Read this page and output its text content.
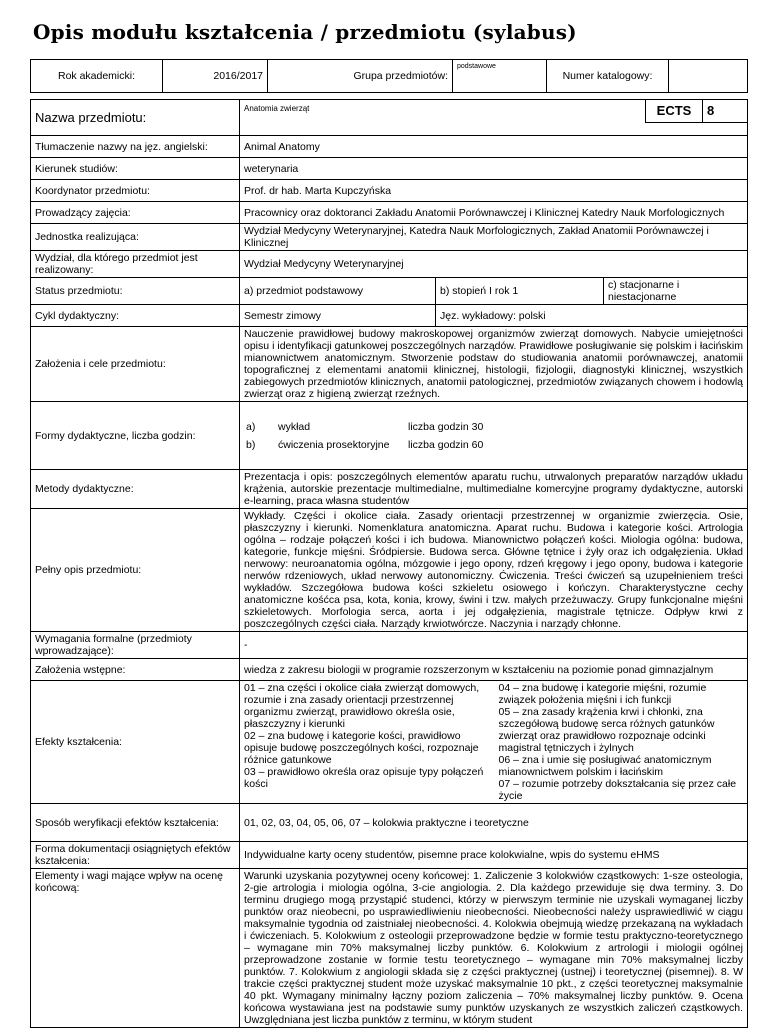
Opis modułu kształcenia / przedmiotu (sylabus)
Rok akademicki:	2016/2017	Grupa przedmiotów:	podstawowe	Numer katalogowy:	
Nazwa przedmiotu:	
Anatomia zwierząt	ECTS	8

Tłumaczenie nazwy na jęz. angielski:	Animal Anatomy
Kierunek studiów:	weterynaria
Koordynator przedmiotu:	Prof. dr hab. Marta Kupczyńska
Prowadzący zajęcia:	Pracownicy oraz doktoranci Zakładu Anatomii Porównawczej i Klinicznej Katedry Nauk Morfologicznych
Jednostka realizująca:	Wydział Medycyny Weterynaryjnej, Katedra Nauk Morfologicznych, Zakład Anatomii Porównawczej i Klinicznej
Wydział, dla którego przedmiot jest realizowany:	Wydział Medycyny Weterynaryjnej
Status przedmiotu:	a) przedmiot podstawowy	b) stopień I rok 1	c) stacjonarne i niestacjonarne
Cykl dydaktyczny:	Semestr zimowy	Jęz. wykładowy: polski
Założenia i cele przedmiotu:	Nauczenie prawidłowej budowy makroskopowej organizmów zwierząt domowych. Nabycie umiejętności opisu i identyfikacji gatunkowej poszczególnych narządów. Prawidłowe posługiwanie się polskim i łacińskim mianownictwem anatomicznym. Stworzenie podstaw do studiowania anatomii porównawczej, anatomii topograficznej z elementami anatomii klinicznej, histologii, fizjologii, diagnostyki klinicznej, wszystkich zabiegowych przedmiotów klinicznych, anatomii patologicznej, przedmiotów związanych chowem i hodowlą zwierząt oraz z higieną zwierząt rzeźnych.
Formy dydaktyczne, liczba godzin:	
a)	wykład	liczba godzin 30
b)	ćwiczenia prosektoryjne	liczba godzin 60

Metody dydaktyczne:	Prezentacja i opis: poszczególnych elementów aparatu ruchu, utrwalonych preparatów narządów układu krążenia, autorskie prezentacje multimedialne, multimedialne komercyjne programy dydaktyczne, autorski e-learning, praca własna studentów
Pełny opis przedmiotu:	Wykłady. Części i okolice ciała. Zasady orientacji przestrzennej w organizmie zwierzęcia. Osie, płaszczyzny i kierunki. Nomenklatura anatomiczna. Aparat ruchu. Budowa i kategorie kości. Artrologia ogólna – rodzaje połączeń kości i ich budowa. Mianownictwo połączeń kości. Miologia ogólna: budowa, kategorie, funkcje mięśni. Śródpiersie. Budowa serca. Główne tętnice i żyły oraz ich odgałęzienia. Układ nerwowy: neuroanatomia ogólna, mózgowie i jego opony, rdzeń kręgowy i jego opony, budowa i kategorie nerwów rdzeniowych, układ nerwowy autonomiczny. Ćwiczenia. Treści ćwiczeń są uzupełnieniem treści wykładów. Szczegółowa budowa kości szkieletu osiowego i kończyn. Charakterystyczne cechy anatomiczne kośćca psa, kota, konia, krowy, świni i tzw. małych przeżuwaczy. Grupy funkcjonalne mięśni szkieletowych. Morfologia serca, aorta i jej odgałęzienia, magistrale tętnicze. Odpływ krwi z poszczególnych części ciała. Narządy krwiotwórcze. Naczynia i narządy chłonne.
Wymagania formalne (przedmioty wprowadzające):	-
Założenia wstępne:	wiedza z zakresu biologii w programie rozszerzonym w kształceniu na poziomie ponad gimnazjalnym
Efekty kształcenia:	
01 – zna części i okolice ciała zwierząt domowych, rozumie i zna zasady orientacji przestrzennej organizmu zwierząt, prawidłowo określa osie, płaszczyzny i kierunki
02 – zna budowę i kategorie kości, prawidłowo opisuje budowę poszczególnych kości, rozpoznaje różnice gatunkowe
03 – prawidłowo określa oraz opisuje typy połączeń kości
04 – zna budowę i kategorie mięśni, rozumie związek położenia mięśni i ich funkcji
05 – zna zasady krążenia krwi i chłonki, zna szczegółową budowę serca różnych gatunków zwierząt oraz prawidłowo rozpoznaje odcinki magistral tętniczych i żylnych
06 – zna i umie się posługiwać anatomicznym mianownictwem polskim i łacińskim
07 – rozumie potrzeby dokształcania się przez całe życie

Sposób weryfikacji efektów kształcenia:	01, 02, 03, 04, 05, 06, 07 – kolokwia praktyczne i teoretyczne
Forma dokumentacji osiągniętych efektów kształcenia:	Indywidualne karty oceny studentów, pisemne prace kolokwialne, wpis do systemu eHMS
Elementy i wagi mające wpływ na ocenę końcową:	Warunki uzyskania pozytywnej oceny końcowej: 1. Zaliczenie 3 kolokwiów cząstkowych: 1-sze osteologia, 2-gie artrologia i miologia ogólna, 3-cie angiologia. 2. Dla każdego przewiduje się dwa terminy. 3. Do terminu drugiego mogą przystąpić studenci, którzy w pierwszym terminie nie uzyskali wymaganej liczby punktów oraz nieobecni, po usprawiedliwieniu nieobecności. Nieobecności należy usprawiedliwić w ciągu maksymalnie tygodnia od zaistniałej nieobecności. 4. Kolokwia obejmują wiedzę przekazaną na wykładach i ćwiczeniach. 5. Kolokwium z osteologii przeprowadzone będzie w formie testu praktyczno-teoretycznego – wymagane min 70% maksymalnej liczby punktów. 6. Kolokwium z artrologii i miologii ogólnej przeprowadzone zostanie w formie testu teoretycznego – wymagane min 70% maksymalnej liczby punktów. 7. Kolokwium z angiologii składa się z części praktycznej (ustnej) i teoretycznej (pisemnej). 8. W trakcie części praktycznej student może uzyskać maksymalnie 10 pkt., z części teoretycznej maksymalnie 40 pkt. Wymagany minimalny łączny poziom zaliczenia – 70% maksymalnej liczby punktów. 9. Ocena końcowa wystawiana jest na podstawie sumy punktów uzyskanych ze wszystkich zaliczeń cząstkowych. Uwzględniana jest liczba punktów z terminu, w którym student
